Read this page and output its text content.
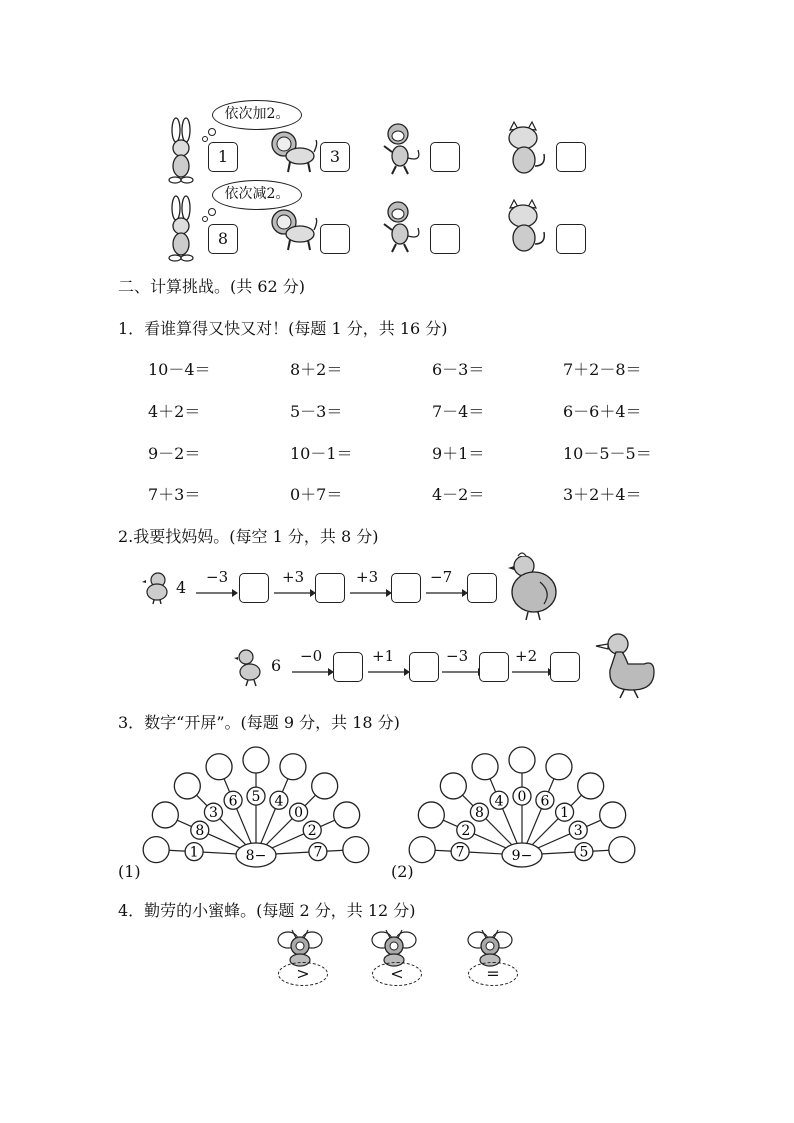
依次加2。
依次减2。
1	3
8
二、计算挑战。(共 62 分)
1．看谁算得又快又对！(每题 1 分，共 16 分)
10－4＝	8＋2＝	6－3＝	7＋2－8＝
4＋2＝	5－3＝	7－4＝	6－6＋4＝
9－2＝	10－1＝	9＋1＝	10－5－5＝
7＋3＝	0＋7＝	4－2＝	3＋2＋4＝
2.我要找妈妈。(每空 1 分，共 8 分)
4
−3	+3	+3	−7
6 −0	+1	−3	+2
3．数字“开屏”。(每题 9 分，共 18 分)
1
8
3
6 5 4
0
2
7
8−
(1)
7
2
8
4 0 6
1
3
5
9−
(2)
4．勤劳的小蜜蜂。(每题 2 分，共 12 分)
>	<	=
